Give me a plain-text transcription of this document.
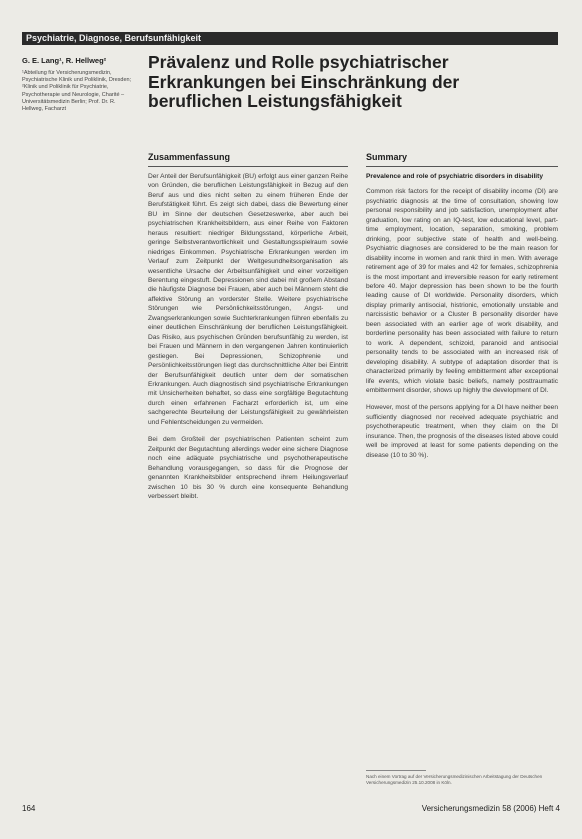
Psychiatrie, Diagnose, Berufsunfähigkeit
G. E. Lang¹, R. Hellweg²
¹Abteilung für Versicherungsmedizin, Psychiatrische Klinik und Poliklinik, Dresden; ²Klinik und Poliklinik für Psychiatrie, Psychotherapie und Neurologie, Charité – Universitätsmedizin Berlin; Prof. Dr. R. Hellweg, Facharzt
Prävalenz und Rolle psychiatrischer Erkrankungen bei Einschränkung der beruflichen Leistungsfähigkeit
Zusammenfassung	Summary

Der Anteil der Berufsunfähigkeit (BU) erfolgt aus einer ganzen Reihe von Gründen, die beruflichen Leistungsfähigkeit in Bezug auf den Beruf aus und dies nicht selten zu einem früheren Ende der Berufstätigkeit führt. Es zeigt sich dabei, dass die Bewertung einer BU im Sinne der deutschen Gesetzeswerke, aber auch bei psychiatrischen Krankheitsbildern, aus einer Reihe von Faktoren heraus resultiert: niedriger Bildungsstand, körperliche Arbeit, geringe Selbstverantwortlichkeit und Gestaltungsspielraum sowie niedriges Einkommen. Psychiatrische Erkrankungen werden im Verlauf zum Zeitpunkt der Weltgesundheitsorganisation als wesentliche Ursache der Arbeitsunfähigkeit und einer vorzeitigen Berentung eingestuft. Depressionen sind dabei mit großem Abstand die häufigste Diagnose bei Frauen, aber auch bei Männern steht die affektive Störung an vorderster Stelle. Weitere psychiatrische Störungen wie Persönlichkeitsstörungen, Angst- und Zwangserkrankungen sowie Suchterkrankungen führen ebenfalls zu einer deutlichen Einschränkung der beruflichen Leistungsfähigkeit. Das Risiko, aus psychischen Gründen berufsunfähig zu werden, ist bei Frauen und Männern in den vergangenen Jahren kontinuierlich gestiegen. Bei Depressionen, Schizophrenie und Persönlichkeitsstörungen liegt das durchschnittliche Alter bei Eintritt der Berufsunfähigkeit deutlich unter dem der somatischen Erkrankungen. Auch diagnostisch sind psychiatrische Erkrankungen mit Unsicherheiten behaftet, so dass eine sorgfältige Begutachtung durch einen erfahrenen Facharzt erforderlich ist, um eine sachgerechte Beurteilung der Leistungsfähigkeit zu gewährleisten und Fehlentscheidungen zu vermeiden.

Bei dem Großteil der psychiatrischen Patienten scheint zum Zeitpunkt der Begutachtung allerdings weder eine sichere Diagnose noch eine adäquate psychiatrische und psychotherapeutische Behandlung vorausgegangen, so dass für die Prognose der genannten Krankheitsbilder entsprechend ihrem Heilungsverlauf zwischen 10 bis 30 % durch eine konsequente Behandlung verbessert bleibt.

Prevalence and role of psychiatric disorders in disability

Common risk factors for the receipt of disability income (DI) are psychiatric diagnosis at the time of consultation, showing low personal responsibility and job satisfaction, unemployment after graduation, low rating on an IQ-test, low educational level, part-time employment, location, separation, smoking, problem drinking, poor subjective state of health and well-being. Psychiatric diagnoses are considered to be the main reason for disability income in women and rank third in men. With average retirement age of 39 for males and 42 for females, schizophrenia is the most important and irreversible reason for early retirement before 40. Major depression has been shown to be the fourth leading cause of DI worldwide. Personality disorders, which display primarily antisocial, histrionic, emotionally unstable and narcissistic behavior or a Cluster B personality disorder have been associated with an earlier age of work disability, and borderline personality has been associated with failure to return to work. A dependent, schizoid, paranoid and antisocial personality tends to be associated with an increased risk of developing disability. A subtype of adaptation disorder that is characterized primarily by feeling embitterment after exceptional life events, which violate basic beliefs, namely posttraumatic embitterment disorder, shows up highly the development of DI.

However, most of the persons applying for a DI have neither been sufficiently diagnosed nor received adequate psychiatric and psychotherapeutic treatment, when they claim on the DI insurance. Then, the prognosis of the diseases listed above could well be improved at least for some patients depending on the disease (10 to 30 %).

Nach einem Vortrag auf der Versicherungsmedizinischen Arbeitstagung der Deutschen Versicherungsmedizin 25.10.2008 in Köln.
164	Versicherungsmedizin 58 (2006) Heft 4
